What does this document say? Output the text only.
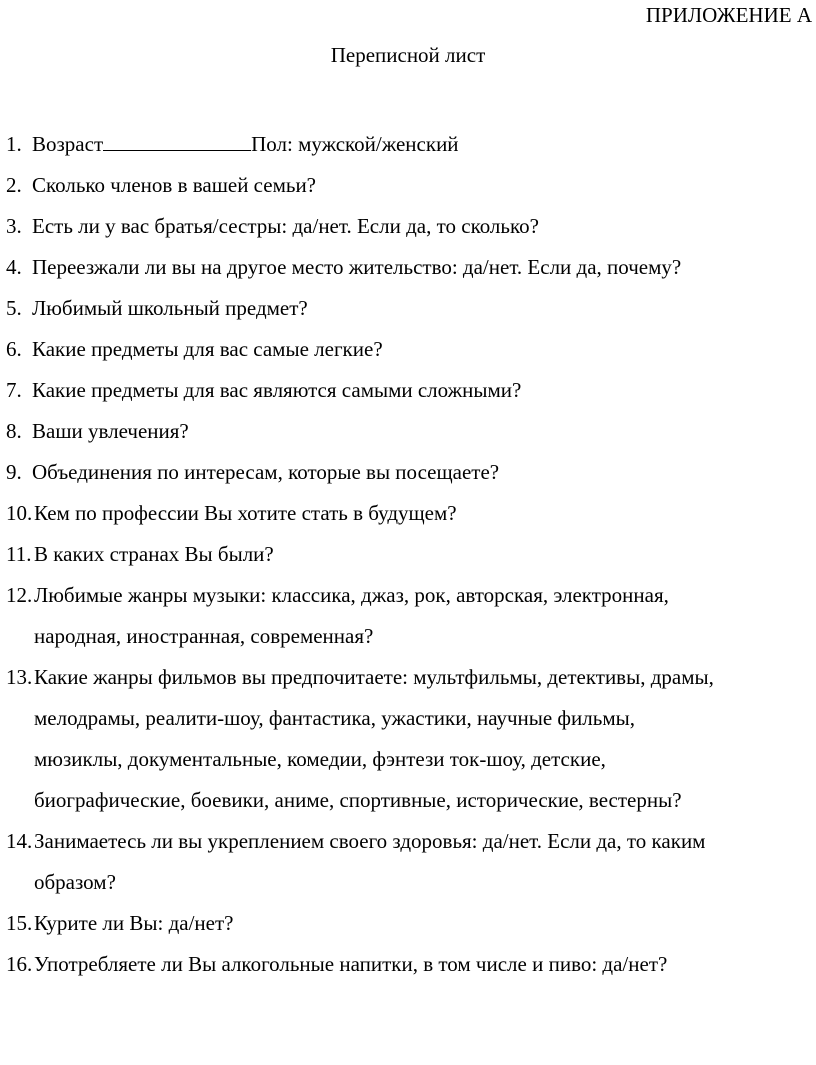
ПРИЛОЖЕНИЕ А
Переписной лист
1. Возраст	Пол: мужской/женский
2. Сколько членов в вашей семьи?
3. Есть ли у вас братья/сестры: да/нет. Если да, то сколько?
4. Переезжали ли вы на другое место жительство: да/нет. Если да, почему?
5. Любимый школьный предмет?
6. Какие предметы для вас самые легкие?
7. Какие предметы для вас являются самыми сложными?
8. Ваши увлечения?
9. Объединения по интересам, которые вы посещаете?
10. Кем по профессии Вы хотите стать в будущем?
11. В каких странах Вы были?
12. Любимые жанры музыки: классика, джаз, рок, авторская, электронная,
народная, иностранная, современная?
13. Какие жанры фильмов вы предпочитаете: мультфильмы, детективы, драмы,
мелодрамы, реалити-шоу, фантастика, ужастики, научные фильмы,
мюзиклы, документальные, комедии, фэнтези ток-шоу, детские,
биографические, боевики, аниме, спортивные, исторические, вестерны?
14. Занимаетесь ли вы укреплением своего здоровья: да/нет. Если да, то каким
образом?
15. Курите ли Вы: да/нет?
16. Употребляете ли Вы алкогольные напитки, в том числе и пиво: да/нет?
